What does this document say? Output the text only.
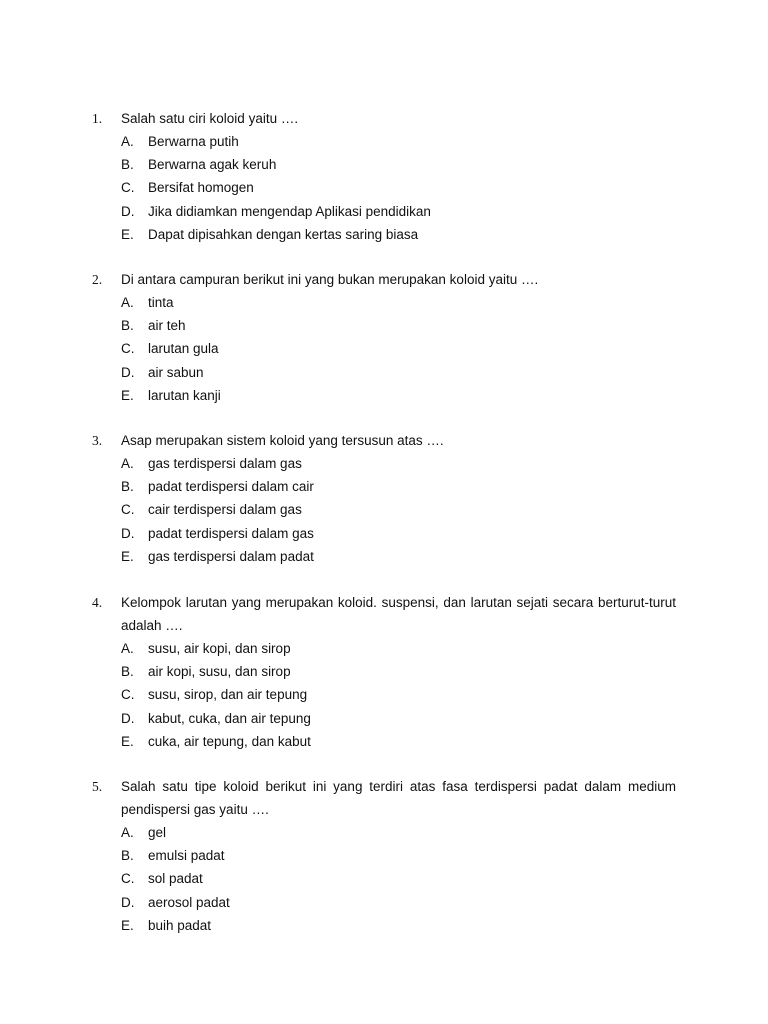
1. Salah satu ciri koloid yaitu ….
A. Berwarna putih
B. Berwarna agak keruh
C. Bersifat homogen
D. Jika didiamkan mengendap Aplikasi pendidikan
E. Dapat dipisahkan dengan kertas saring biasa
2. Di antara campuran berikut ini yang bukan merupakan koloid yaitu ….
A. tinta
B. air teh
C. larutan gula
D. air sabun
E. larutan kanji
3. Asap merupakan sistem koloid yang tersusun atas ….
A. gas terdispersi dalam gas
B. padat terdispersi dalam cair
C. cair terdispersi dalam gas
D. padat terdispersi dalam gas
E. gas terdispersi dalam padat
4. Kelompok larutan yang merupakan koloid. suspensi, dan larutan sejati secara berturut-turut adalah ….
A. susu, air kopi, dan sirop
B. air kopi, susu, dan sirop
C. susu, sirop, dan air tepung
D. kabut, cuka, dan air tepung
E. cuka, air tepung, dan kabut
5. Salah satu tipe koloid berikut ini yang terdiri atas fasa terdispersi padat dalam medium pendispersi gas yaitu ….
A. gel
B. emulsi padat
C. sol padat
D. aerosol padat
E. buih padat
